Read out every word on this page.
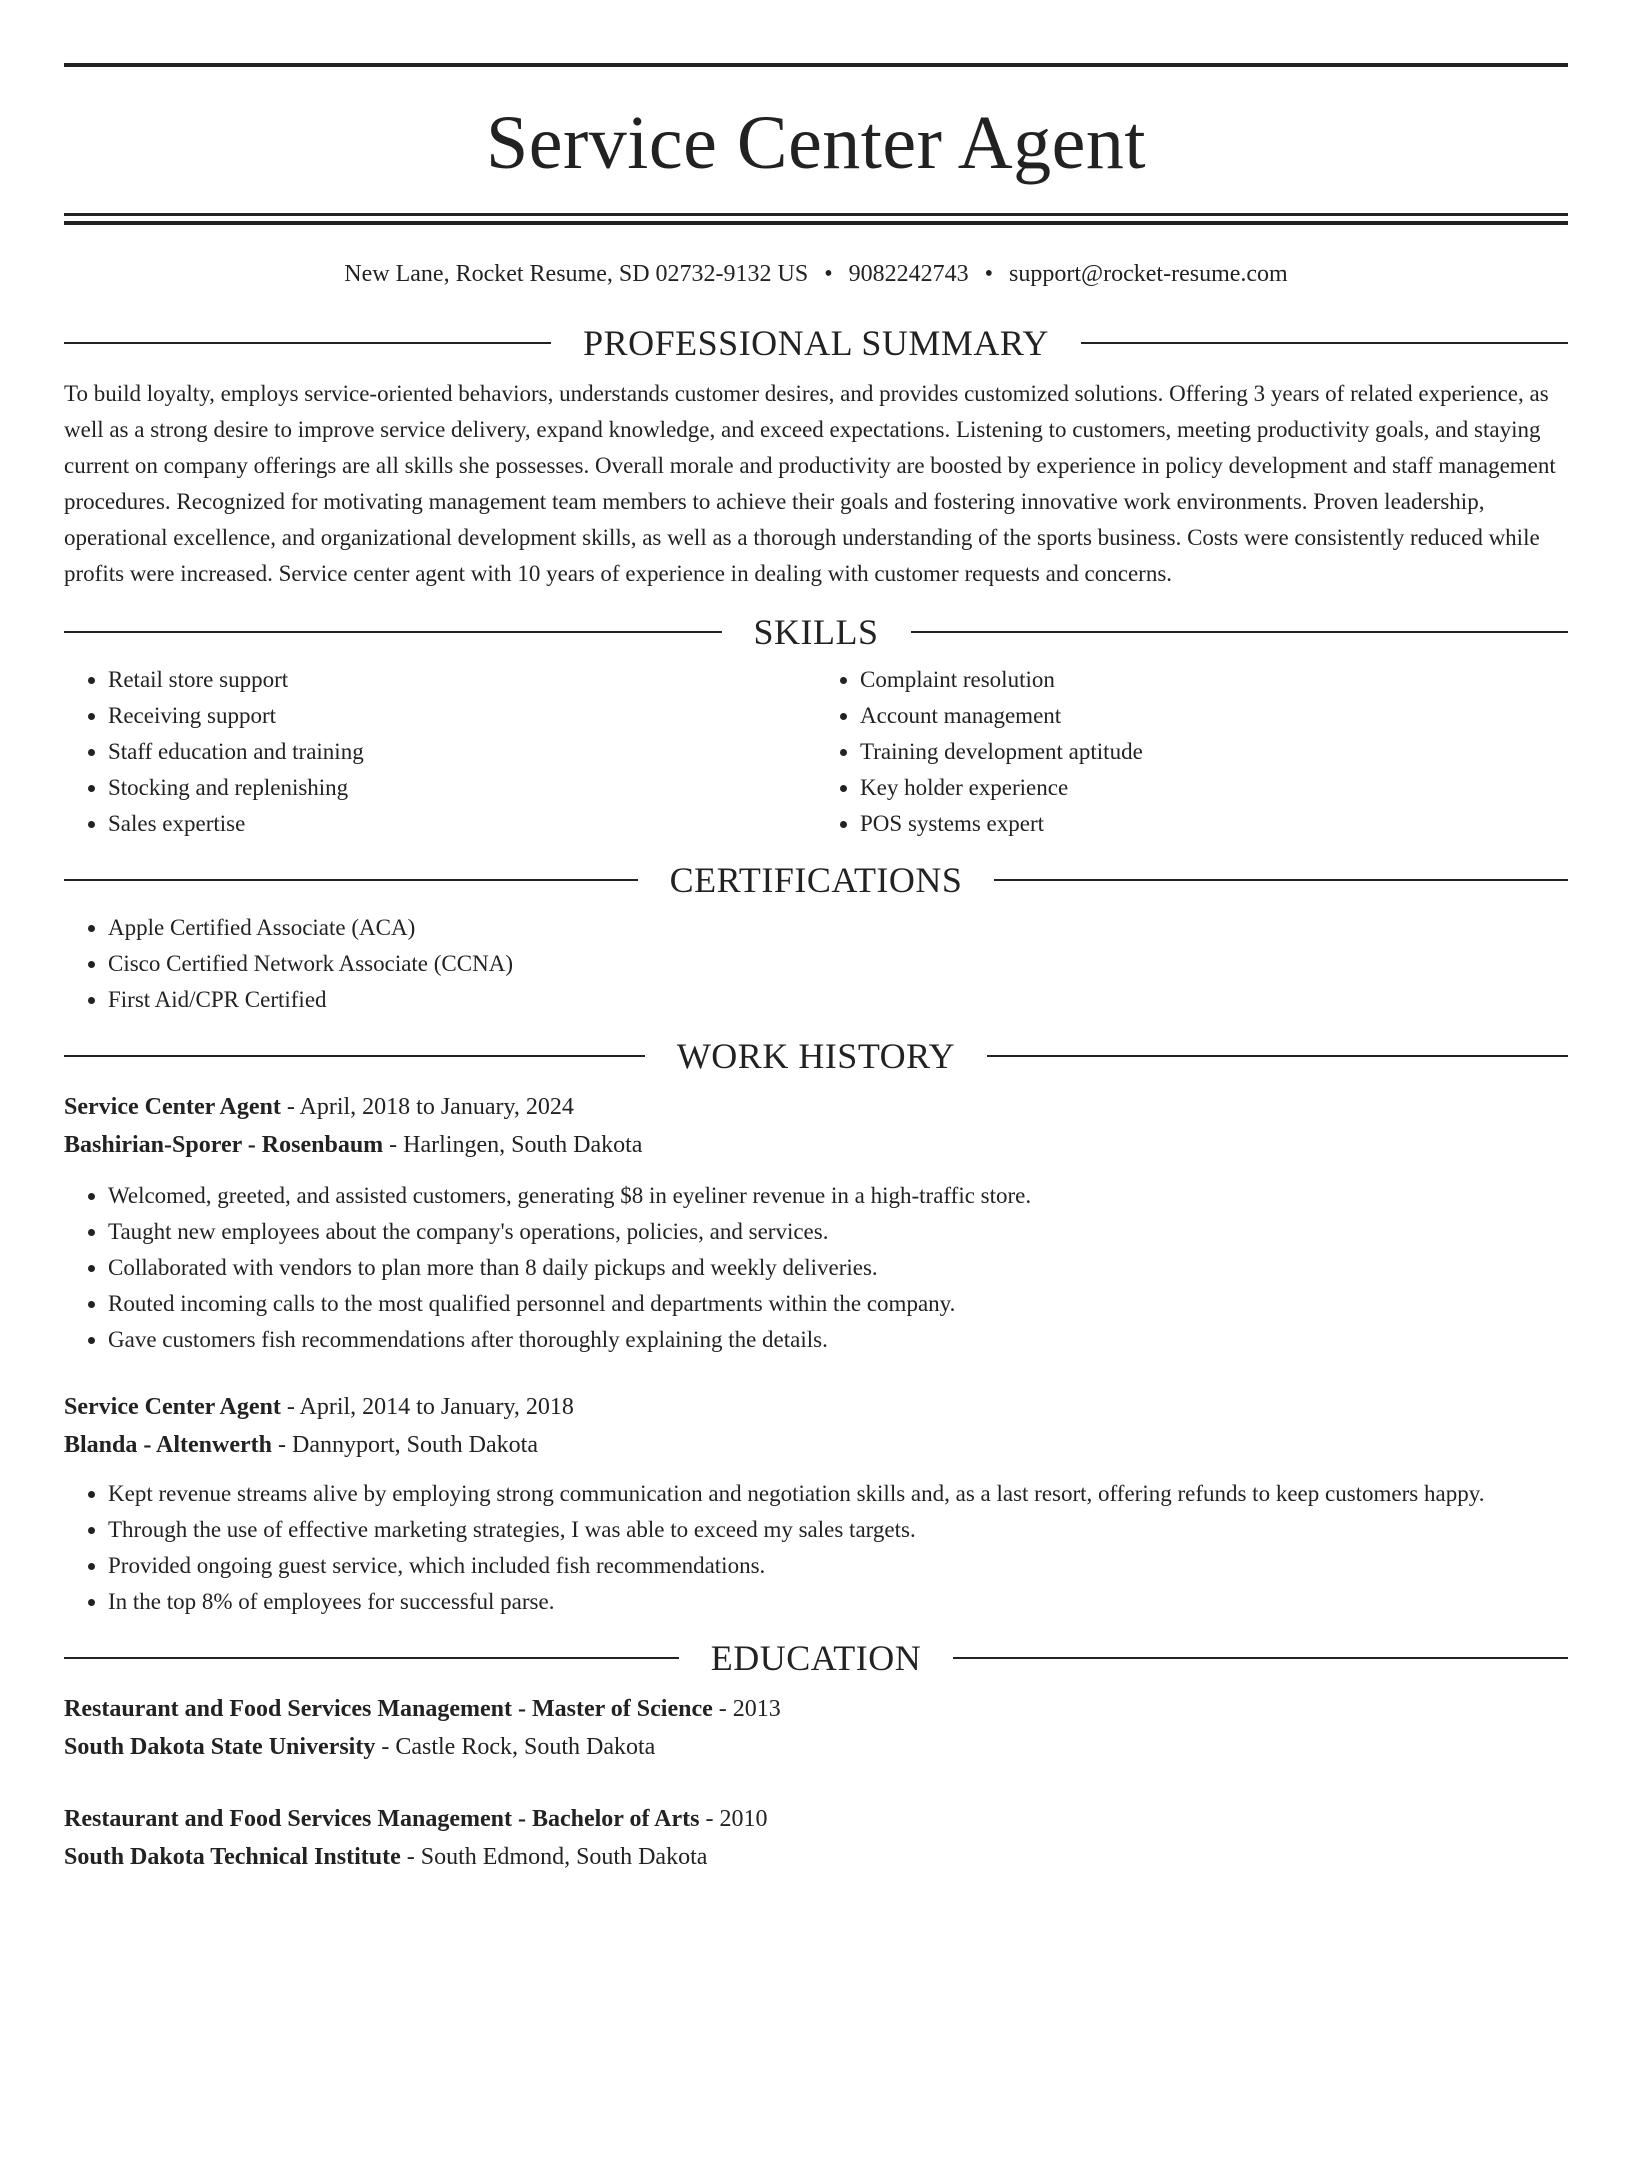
Service Center Agent
New Lane, Rocket Resume, SD 02732-9132 US • 9082242743 • support@rocket-resume.com
PROFESSIONAL SUMMARY

To build loyalty, employs service-oriented behaviors, understands customer desires, and provides customized solutions. Offering 3 years of related experience, as well as a strong desire to improve service delivery, expand knowledge, and exceed expectations. Listening to customers, meeting productivity goals, and staying current on company offerings are all skills she possesses. Overall morale and productivity are boosted by experience in policy development and staff management procedures. Recognized for motivating management team members to achieve their goals and fostering innovative work environments. Proven leadership, operational excellence, and organizational development skills, as well as a thorough understanding of the sports business. Costs were consistently reduced while profits were increased. Service center agent with 10 years of experience in dealing with customer requests and concerns.

SKILLS
• Retail store support
• Receiving support
• Staff education and training
• Stocking and replenishing
• Sales expertise
• Complaint resolution
• Account management
• Training development aptitude
• Key holder experience
• POS systems expert
CERTIFICATIONS
• Apple Certified Associate (ACA)
• Cisco Certified Network Associate (CCNA)
• First Aid/CPR Certified
WORK HISTORY

Service Center Agent - April, 2018 to January, 2024

Bashirian-Sporer - Rosenbaum - Harlingen, South Dakota

• Welcomed, greeted, and assisted customers, generating $8 in eyeliner revenue in a high-traffic store.
• Taught new employees about the company's operations, policies, and services.
• Collaborated with vendors to plan more than 8 daily pickups and weekly deliveries.
• Routed incoming calls to the most qualified personnel and departments within the company.
• Gave customers fish recommendations after thoroughly explaining the details.

Service Center Agent - April, 2014 to January, 2018

Blanda - Altenwerth - Dannyport, South Dakota

• Kept revenue streams alive by employing strong communication and negotiation skills and, as a last resort, offering refunds to keep customers happy.
• Through the use of effective marketing strategies, I was able to exceed my sales targets.
• Provided ongoing guest service, which included fish recommendations.
• In the top 8% of employees for successful parse.
EDUCATION

Restaurant and Food Services Management - Master of Science - 2013

South Dakota State University - Castle Rock, South Dakota

Restaurant and Food Services Management - Bachelor of Arts - 2010

South Dakota Technical Institute - South Edmond, South Dakota
